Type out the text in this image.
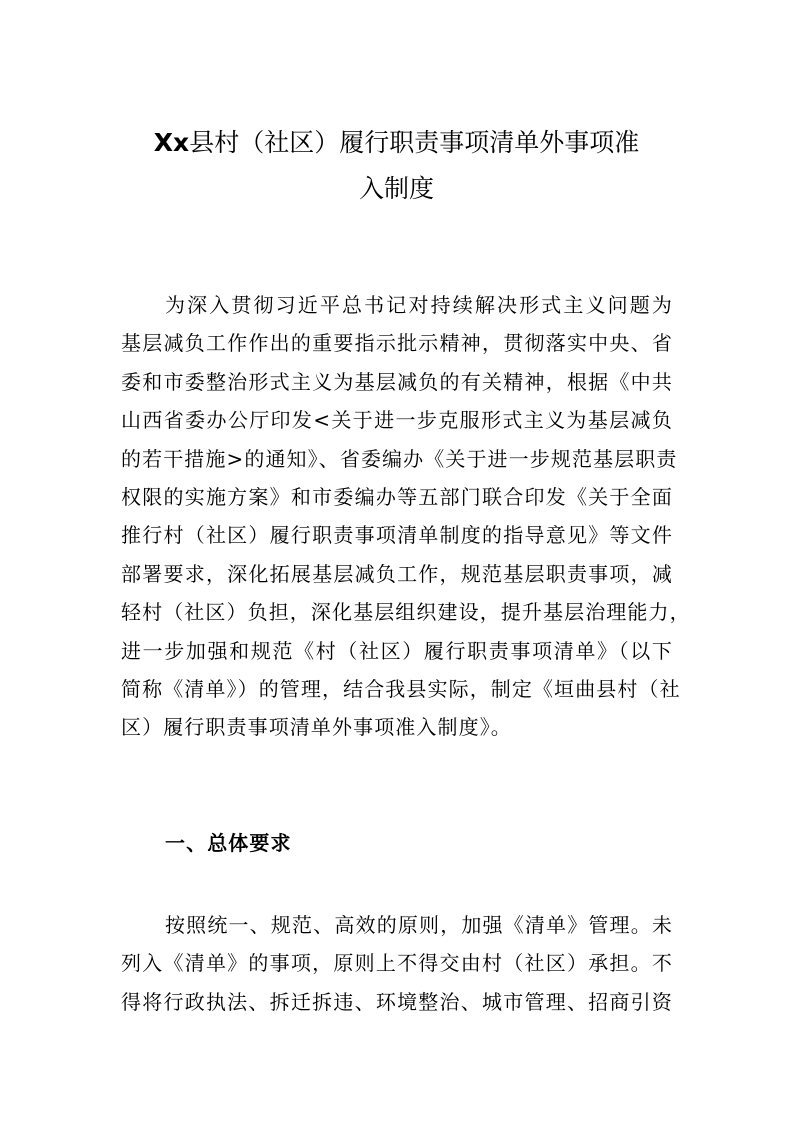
Xx县村（社区）履行职责事项清单外事项准
入制度
为深入贯彻习近平总书记对持续解决形式主义问题为
基层减负工作作出的重要指示批示精神，贯彻落实中央、省
委和市委整治形式主义为基层减负的有关精神，根据《中共
山西省委办公厅印发<关于进一步克服形式主义为基层减负
的若干措施>的通知》、省委编办《关于进一步规范基层职责
权限的实施方案》和市委编办等五部门联合印发《关于全面
推行村（社区）履行职责事项清单制度的指导意见》等文件
部署要求，深化拓展基层减负工作，规范基层职责事项，减
轻村（社区）负担，深化基层组织建设，提升基层治理能力，
进一步加强和规范《村（社区）履行职责事项清单》（以下
简称《清单》）的管理，结合我县实际，制定《垣曲县村（社
区）履行职责事项清单外事项准入制度》。
一、总体要求
按照统一、规范、高效的原则，加强《清单》管理。未
列入《清单》的事项，原则上不得交由村（社区）承担。不
得将行政执法、拆迁拆违、环境整治、城市管理、招商引资
